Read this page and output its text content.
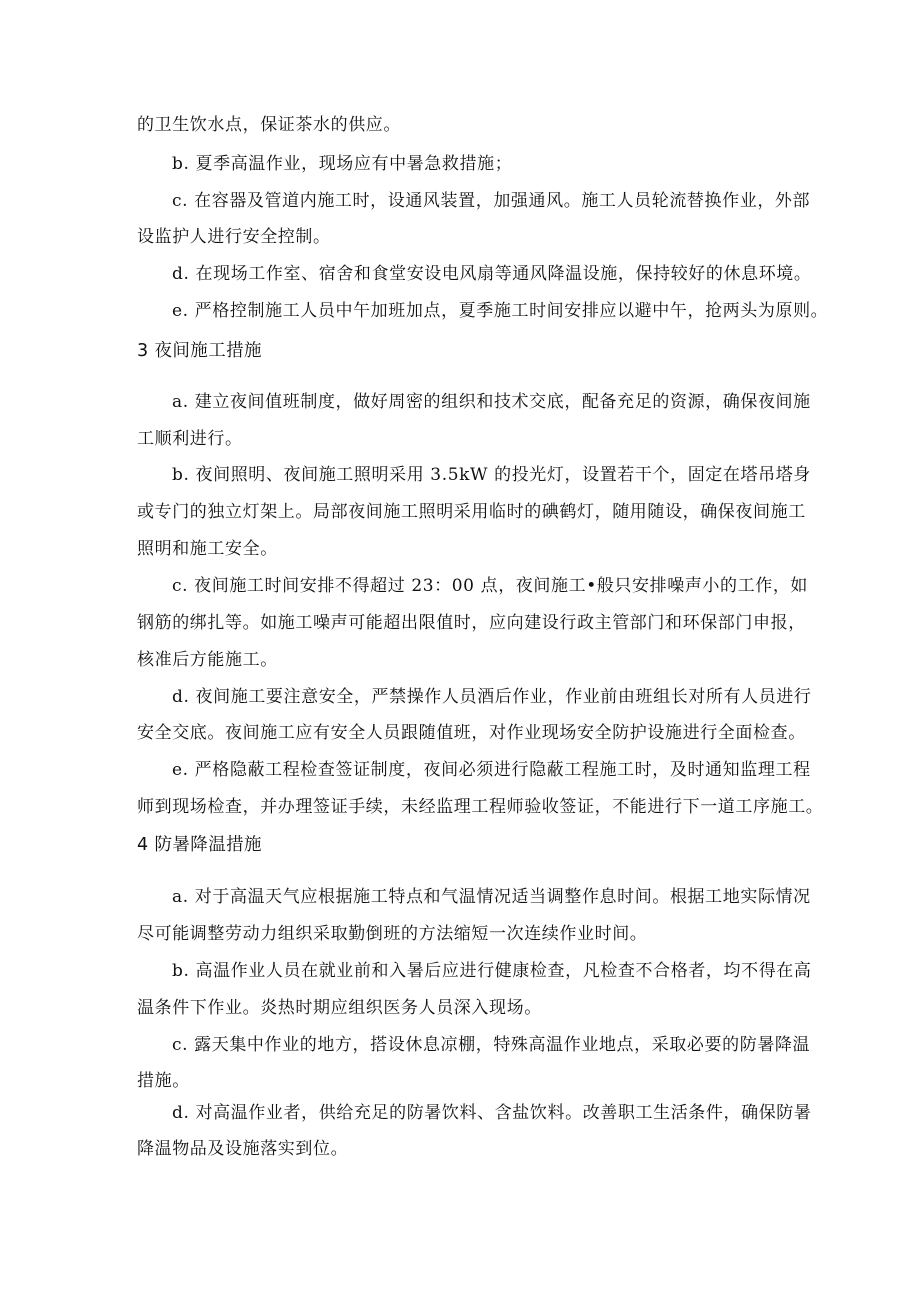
的卫生饮水点，保证茶水的供应。
b. 夏季高温作业，现场应有中暑急救措施；
c. 在容器及管道内施工时，设通风装置，加强通风。施工人员轮流替换作业，外部
设监护人进行安全控制。
d. 在现场工作室、宿舍和食堂安设电风扇等通风降温设施，保持较好的休息环境。
e. 严格控制施工人员中午加班加点，夏季施工时间安排应以避中午，抢两头为原则。
3 夜间施工措施
a. 建立夜间值班制度，做好周密的组织和技术交底，配备充足的资源，确保夜间施
工顺利进行。
b. 夜间照明、夜间施工照明采用 3.5kW 的投光灯，设置若干个，固定在塔吊塔身
或专门的独立灯架上。局部夜间施工照明采用临时的碘鹤灯，随用随设，确保夜间施工
照明和施工安全。
c. 夜间施工时间安排不得超过 23：00 点，夜间施工•般只安排噪声小的工作，如
钢筋的绑扎等。如施工噪声可能超出限值时，应向建设行政主管部门和环保部门申报，
核准后方能施工。
d. 夜间施工要注意安全，严禁操作人员酒后作业，作业前由班组长对所有人员进行
安全交底。夜间施工应有安全人员跟随值班，对作业现场安全防护设施进行全面检查。
e. 严格隐蔽工程检查签证制度，夜间必须进行隐蔽工程施工时，及时通知监理工程
师到现场检查，并办理签证手续，未经监理工程师验收签证，不能进行下一道工序施工。
4 防暑降温措施
a. 对于高温天气应根据施工特点和气温情况适当调整作息时间。根据工地实际情况
尽可能调整劳动力组织采取勤倒班的方法缩短一次连续作业时间。
b. 高温作业人员在就业前和入暑后应进行健康检查，凡检查不合格者，均不得在高
温条件下作业。炎热时期应组织医务人员深入现场。
c. 露天集中作业的地方，搭设休息凉棚，特殊高温作业地点，采取必要的防暑降温
措施。
d. 对高温作业者，供给充足的防暑饮料、含盐饮料。改善职工生活条件，确保防暑
降温物品及设施落实到位。
